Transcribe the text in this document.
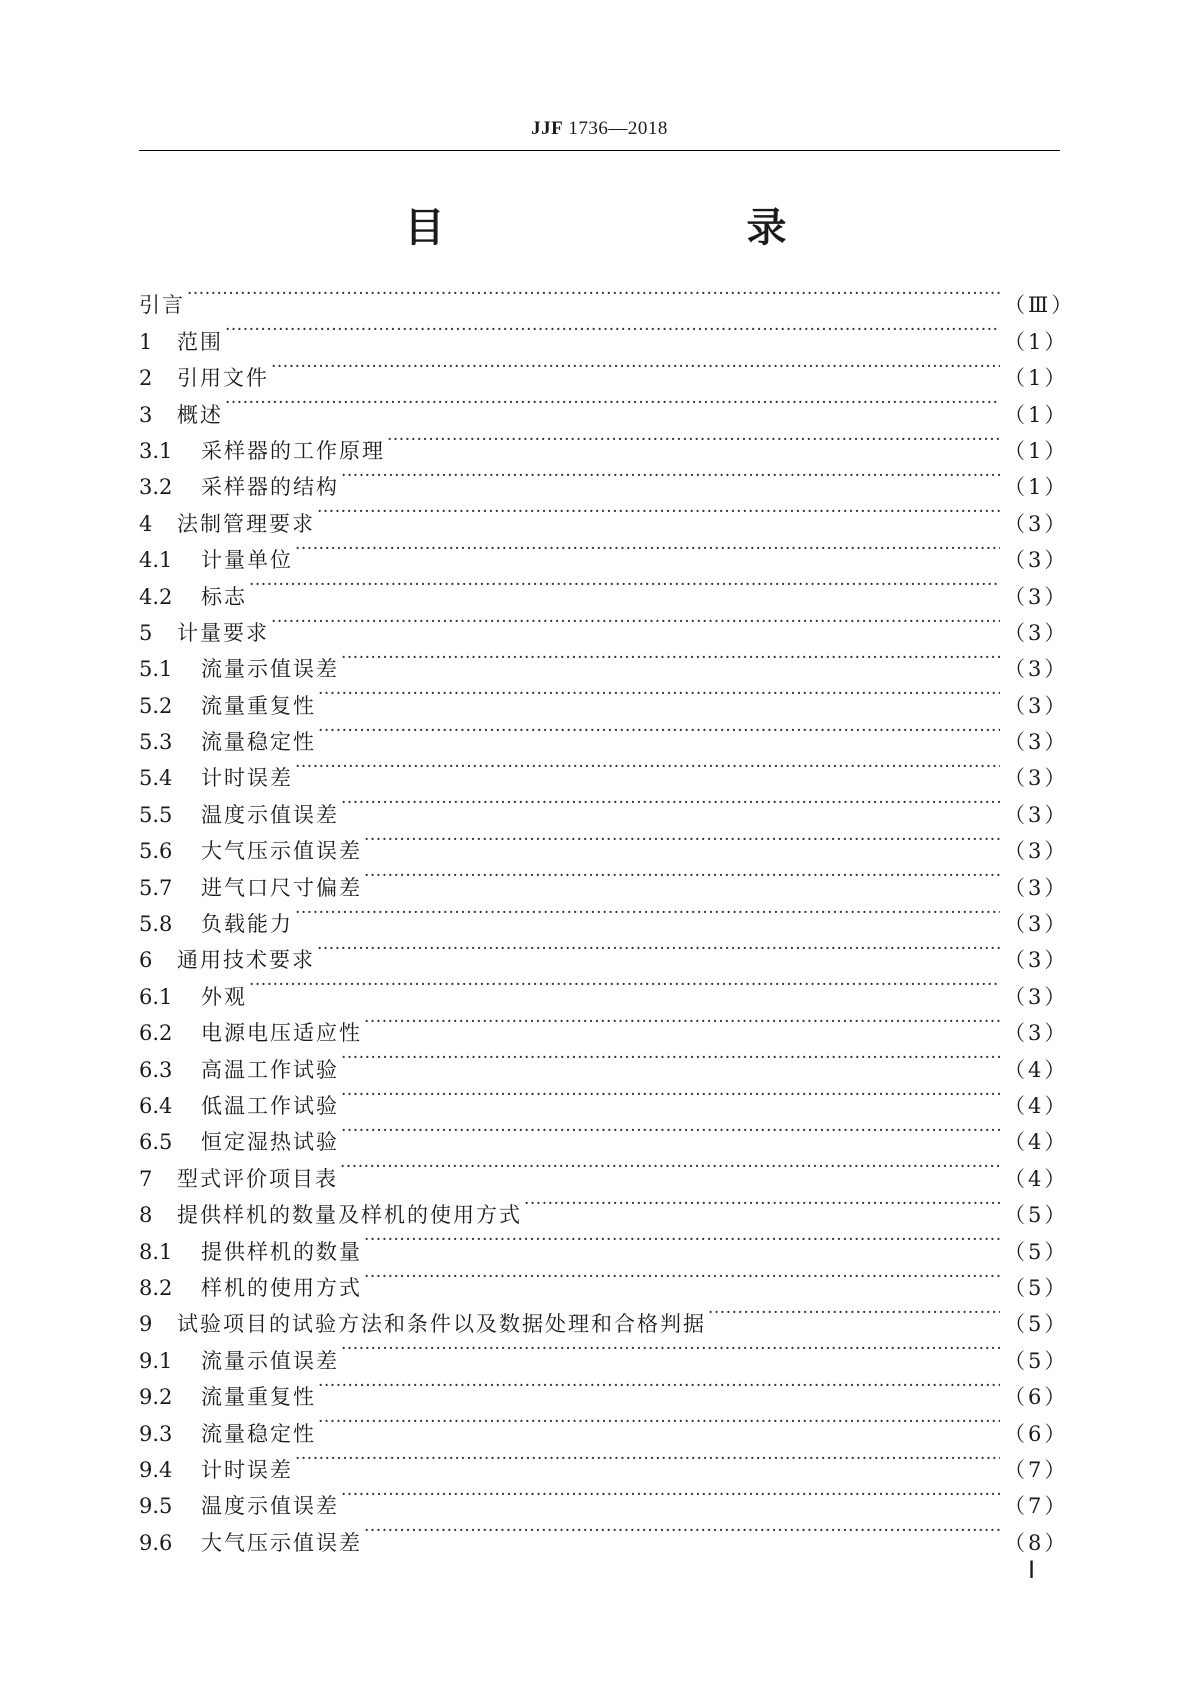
JJF 1736—2018
目　　录
引言 ·····	（Ⅲ）
1	范围 ·····	（1）
2	引用文件 ·····	（1）
3	概述 ·····	（1）
3.1	采样器的工作原理 ·····	（1）
3.2	采样器的结构 ·····	（1）
4	法制管理要求 ·····	（3）
4.1	计量单位 ·····	（3）
4.2	标志 ·····	（3）
5	计量要求 ·····	（3）
5.1	流量示值误差 ·····	（3）
5.2	流量重复性 ·····	（3）
5.3	流量稳定性 ·····	（3）
5.4	计时误差 ·····	（3）
5.5	温度示值误差 ·····	（3）
5.6	大气压示值误差 ·····	（3）
5.7	进气口尺寸偏差 ·····	（3）
5.8	负载能力 ·····	（3）
6	通用技术要求 ·····	（3）
6.1	外观 ·····	（3）
6.2	电源电压适应性 ·····	（3）
6.3	高温工作试验 ·····	（4）
6.4	低温工作试验 ·····	（4）
6.5	恒定湿热试验 ·····	（4）
7	型式评价项目表 ·····	（4）
8	提供样机的数量及样机的使用方式 ·····	（5）
8.1	提供样机的数量 ·····	（5）
8.2	样机的使用方式 ·····	（5）
9	试验项目的试验方法和条件以及数据处理和合格判据 ·····	（5）
9.1	流量示值误差 ·····	（5）
9.2	流量重复性 ·····	（6）
9.3	流量稳定性 ·····	（6）
9.4	计时误差 ·····	（7）
9.5	温度示值误差 ·····	（7）
9.6	大气压示值误差 ·····	（8）
Ⅰ
